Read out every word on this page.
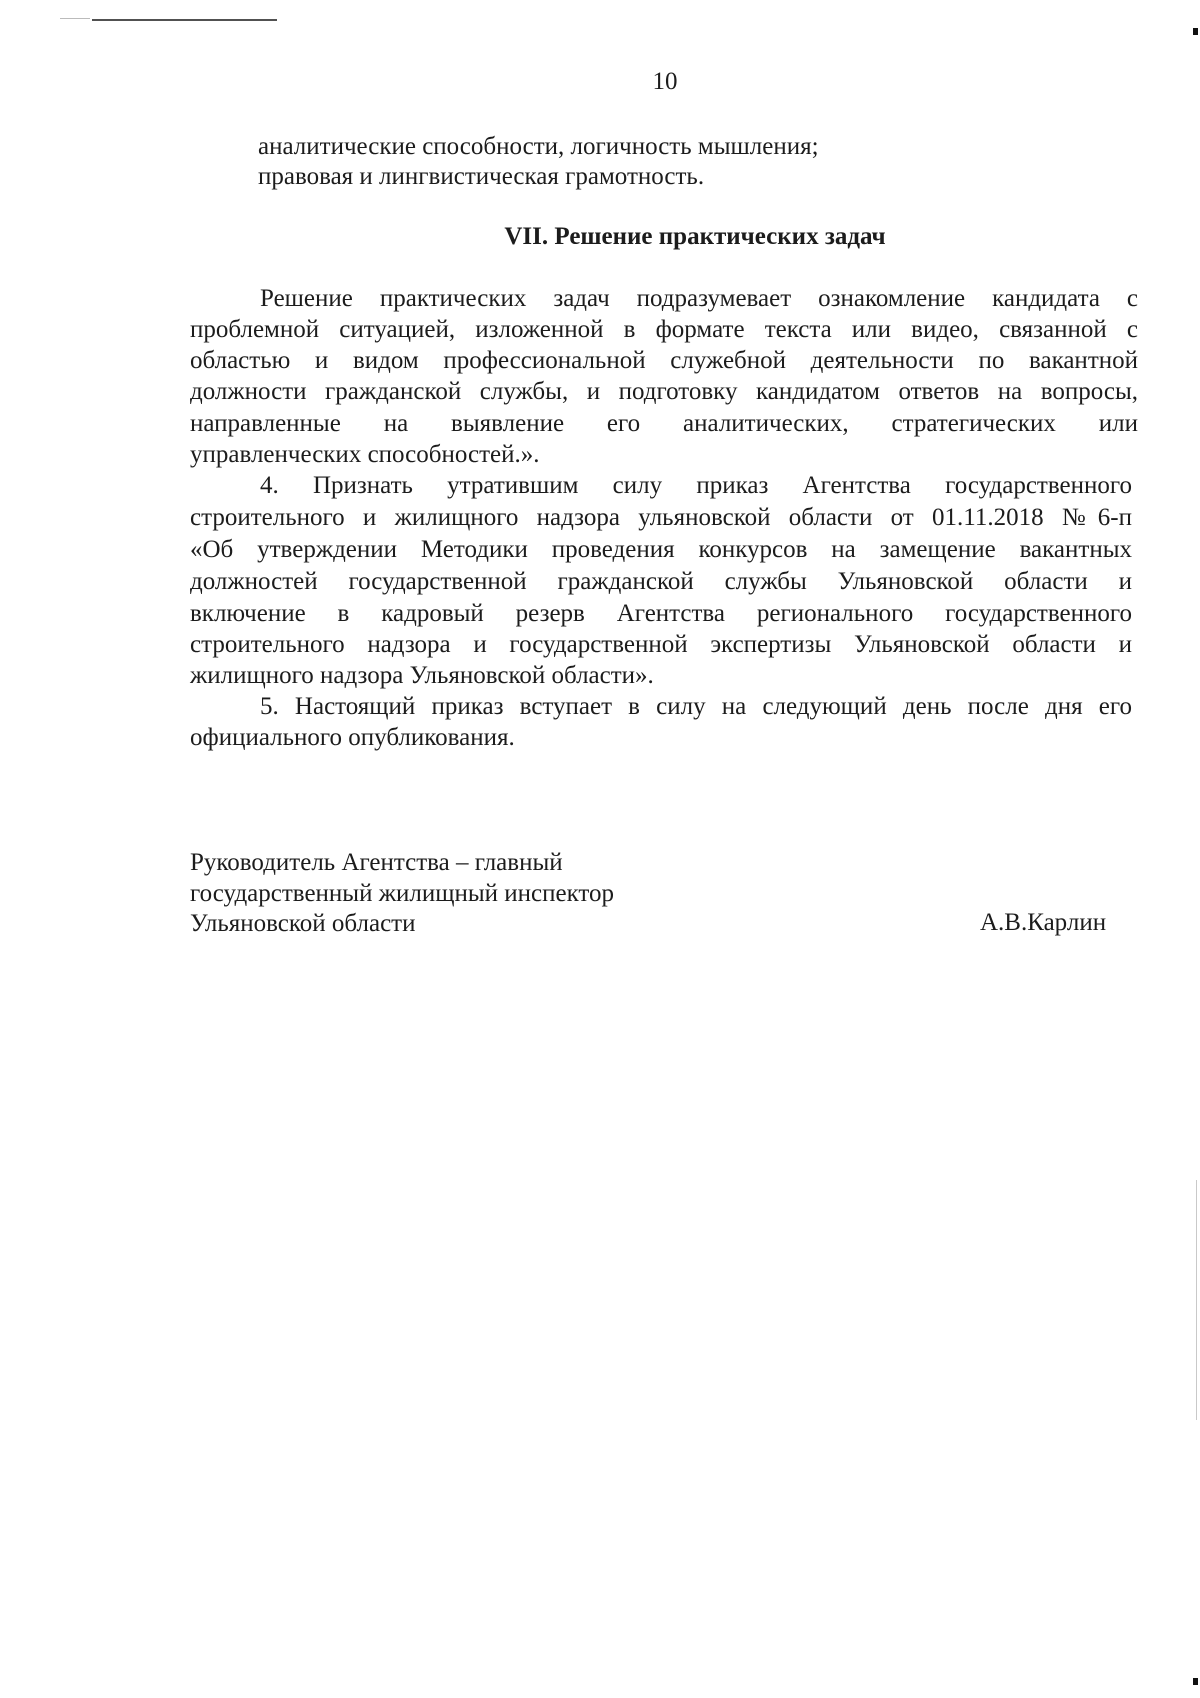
10
аналитические способности, логичность мышления;
правовая и лингвистическая грамотность.
VII. Решение практических задач
Решение практических задач подразумевает ознакомление кандидата с
проблемной ситуацией, изложенной в формате текста или видео, связанной с
областью и видом профессиональной служебной деятельности по вакантной
должности гражданской службы, и подготовку кандидатом ответов на вопросы,
направленные на выявление его аналитических, стратегических или
управленческих способностей.».
4. Признать утратившим силу приказ Агентства государственного
строительного и жилищного надзора ульяновской области от 01.11.2018 №6-п
«Об утверждении Методики проведения конкурсов на замещение вакантных
должностей государственной гражданской службы Ульяновской области и
включение в кадровый резерв Агентства регионального государственного
строительного надзора и государственной экспертизы Ульяновской области и
жилищного надзора Ульяновской области».
5. Настоящий приказ вступает в силу на следующий день после дня его
официального опубликования.
Руководитель Агентства – главный
государственный жилищный инспектор
Ульяновской области	А.В.Карлин
